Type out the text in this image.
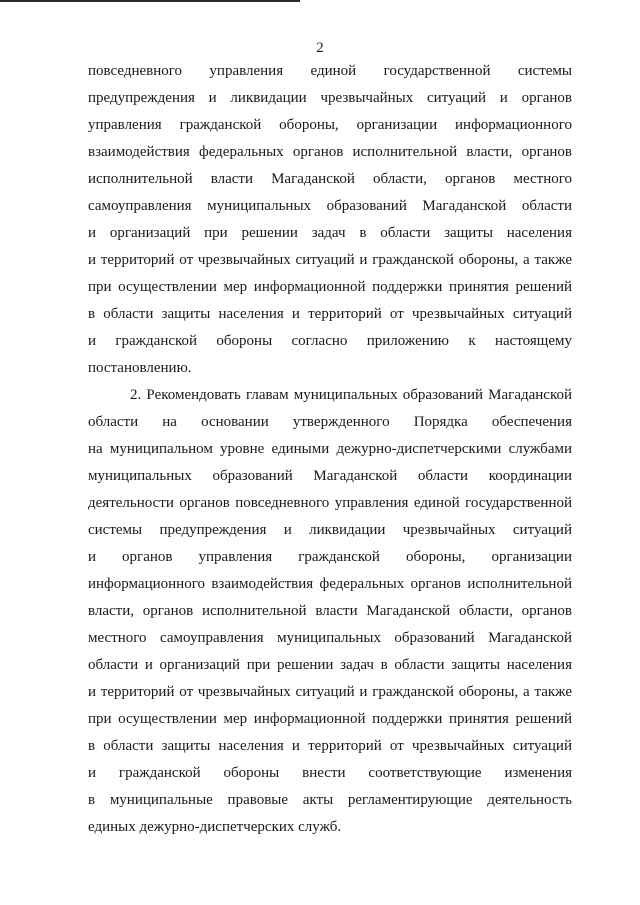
2
повседневного управления единой государственной системы
предупреждения и ликвидации чрезвычайных ситуаций и органов
управления гражданской обороны, организации информационного
взаимодействия федеральных органов исполнительной власти, органов
исполнительной власти Магаданской области, органов местного
самоуправления муниципальных образований Магаданской области
и организаций при решении задач в области защиты населения
и территорий от чрезвычайных ситуаций и гражданской обороны, а также
при осуществлении мер информационной поддержки принятия решений
в области защиты населения и территорий от чрезвычайных ситуаций
и гражданской обороны согласно приложению к настоящему
постановлению.
2. Рекомендовать главам муниципальных образований Магаданской
области на основании утвержденного Порядка обеспечения
на муниципальном уровне едиными дежурно-диспетчерскими службами
муниципальных образований Магаданской области координации
деятельности органов повседневного управления единой государственной
системы предупреждения и ликвидации чрезвычайных ситуаций
и органов управления гражданской обороны, организации
информационного взаимодействия федеральных органов исполнительной
власти, органов исполнительной власти Магаданской области, органов
местного самоуправления муниципальных образований Магаданской
области и организаций при решении задач в области защиты населения
и территорий от чрезвычайных ситуаций и гражданской обороны, а также
при осуществлении мер информационной поддержки принятия решений
в области защиты населения и территорий от чрезвычайных ситуаций
и гражданской обороны внести соответствующие изменения
в муниципальные правовые акты регламентирующие деятельность
единых дежурно-диспетчерских служб.
